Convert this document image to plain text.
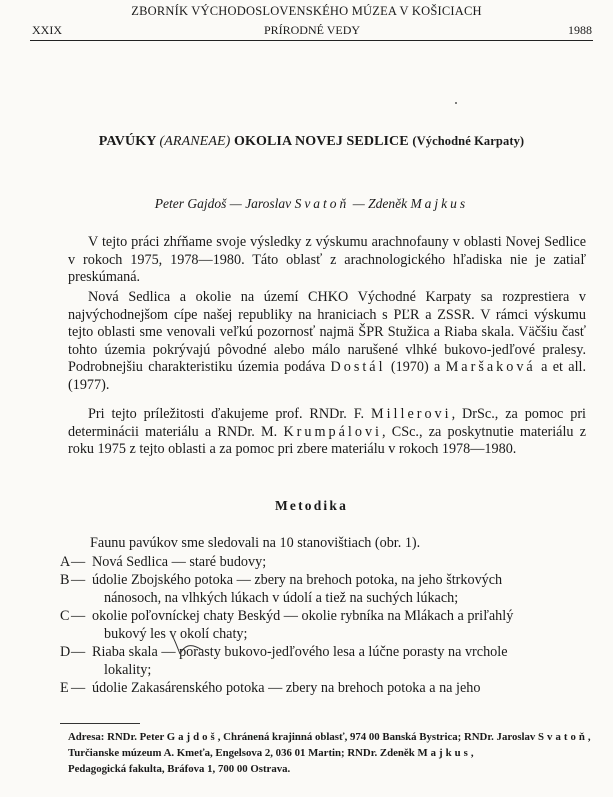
ZBORNÍK VÝCHODOSLOVENSKÉHO MÚZEA V KOŠICIACH
XXIX	PRÍRODNÉ VEDY	1988
PAVÚKY (ARANEAE) OKOLIA NOVEJ SEDLICE (Východné Karpaty)
Peter Gajdoš — Jaroslav Svatoň — Zdeněk Majkus

V tejto práci zhŕňame svoje výsledky z výskumu arachnofauny v oblasti Novej Sedlice v rokoch 1975, 1978—1980. Táto oblasť z arachnologického hľadiska nie je zatiaľ preskúmaná.

Nová Sedlica a okolie na území CHKO Východné Karpaty sa rozprestiera v najvýchodnejšom cípe našej republiky na hraniciach s PĽR a ZSSR. V rámci výskumu tejto oblasti sme venovali veľkú pozornosť najmä ŠPR Stužica a Riaba skala. Väčšiu časť tohto územia pokrývajú pôvodné alebo málo narušené vlhké bukovo-jedľové pralesy. Podrobnejšiu charakteristiku územia podáva Dostál (1970) a Maršaková a et all. (1977).

Pri tejto príležitosti ďakujeme prof. RNDr. F. Millerovi, DrSc., za pomoc pri determinácii materiálu a RNDr. M. Krumpálovi, CSc., za poskytnutie materiálu z roku 1975 z tejto oblasti a za pomoc pri zbere materiálu v rokoch 1978—1980.

Metodika
Faunu pavúkov sme sledovali na 10 stanovištiach (obr. 1).
A — Nová Sedlica — staré budovy;
B — údolie Zbojského potoka — zbery na brehoch potoka, na jeho štrkových
nánosoch, na vlhkých lúkach v údolí a tiež na suchých lúkach;
C — okolie poľovníckej chaty Beskýd — okolie rybníka na Mlákach a priľahlý
bukový les v okolí chaty;
D — Riaba skala — porasty bukovo-jedľového lesa a lúčne porasty na vrchole
lokality;
E — údolie Zakasárenského potoka — zbery na brehoch potoka a na jeho
Adresa: RNDr. Peter Gajdoš, Chránená krajinná oblasť, 974 00 Banská Bystrica; RNDr. Jaroslav Svatoň, Turčianske múzeum A. Kmeťa, Engelsova 2, 036 01 Martin; RNDr. Zdeněk Majkus,
Pedagogická fakulta, Bráfova 1, 700 00 Ostrava.
